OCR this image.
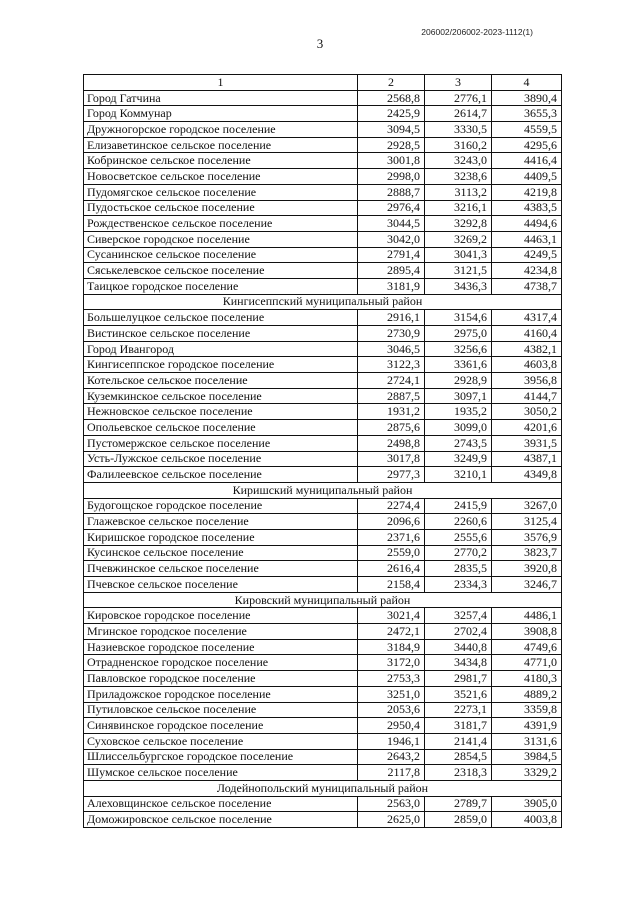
206002/206002-2023-1112(1)
3
1	2	3	4
Город Гатчина	2568,8	2776,1	3890,4
Город Коммунар	2425,9	2614,7	3655,3
Дружногорское городское поселение	3094,5	3330,5	4559,5
Елизаветинское сельское поселение	2928,5	3160,2	4295,6
Кобринское сельское поселение	3001,8	3243,0	4416,4
Новосветское сельское поселение	2998,0	3238,6	4409,5
Пудомягское сельское поселение	2888,7	3113,2	4219,8
Пудостьское сельское поселение	2976,4	3216,1	4383,5
Рождественское сельское поселение	3044,5	3292,8	4494,6
Сиверское городское поселение	3042,0	3269,2	4463,1
Сусанинское сельское поселение	2791,4	3041,3	4249,5
Сяськелевское сельское поселение	2895,4	3121,5	4234,8
Таицкое городское поселение	3181,9	3436,3	4738,7
Кингисеппский муниципальный район			
Большелуцкое сельское поселение	2916,1	3154,6	4317,4
Вистинское сельское поселение	2730,9	2975,0	4160,4
Город Ивангород	3046,5	3256,6	4382,1
Кингисеппское городское поселение	3122,3	3361,6	4603,8
Котельское сельское поселение	2724,1	2928,9	3956,8
Куземкинское сельское поселение	2887,5	3097,1	4144,7
Нежновское сельское поселение	1931,2	1935,2	3050,2
Опольевское сельское поселение	2875,6	3099,0	4201,6
Пустомержское сельское поселение	2498,8	2743,5	3931,5
Усть-Лужское сельское поселение	3017,8	3249,9	4387,1
Фалилеевское сельское поселение	2977,3	3210,1	4349,8
Киришский муниципальный район			
Будогощское городское поселение	2274,4	2415,9	3267,0
Глажевское сельское поселение	2096,6	2260,6	3125,4
Киришское городское поселение	2371,6	2555,6	3576,9
Кусинское сельское поселение	2559,0	2770,2	3823,7
Пчевжинское сельское поселение	2616,4	2835,5	3920,8
Пчевское сельское поселение	2158,4	2334,3	3246,7
Кировский муниципальный район			
Кировское городское поселение	3021,4	3257,4	4486,1
Мгинское городское поселение	2472,1	2702,4	3908,8
Назиевское городское поселение	3184,9	3440,8	4749,6
Отрадненское городское поселение	3172,0	3434,8	4771,0
Павловское городское поселение	2753,3	2981,7	4180,3
Приладожское городское поселение	3251,0	3521,6	4889,2
Путиловское сельское поселение	2053,6	2273,1	3359,8
Синявинское городское поселение	2950,4	3181,7	4391,9
Суховское сельское поселение	1946,1	2141,4	3131,6
Шлиссельбургское городское поселение	2643,2	2854,5	3984,5
Шумское сельское поселение	2117,8	2318,3	3329,2
Лодейнопольский муниципальный район			
Алеховщинское сельское поселение	2563,0	2789,7	3905,0
Доможировское сельское поселение	2625,0	2859,0	4003,8
